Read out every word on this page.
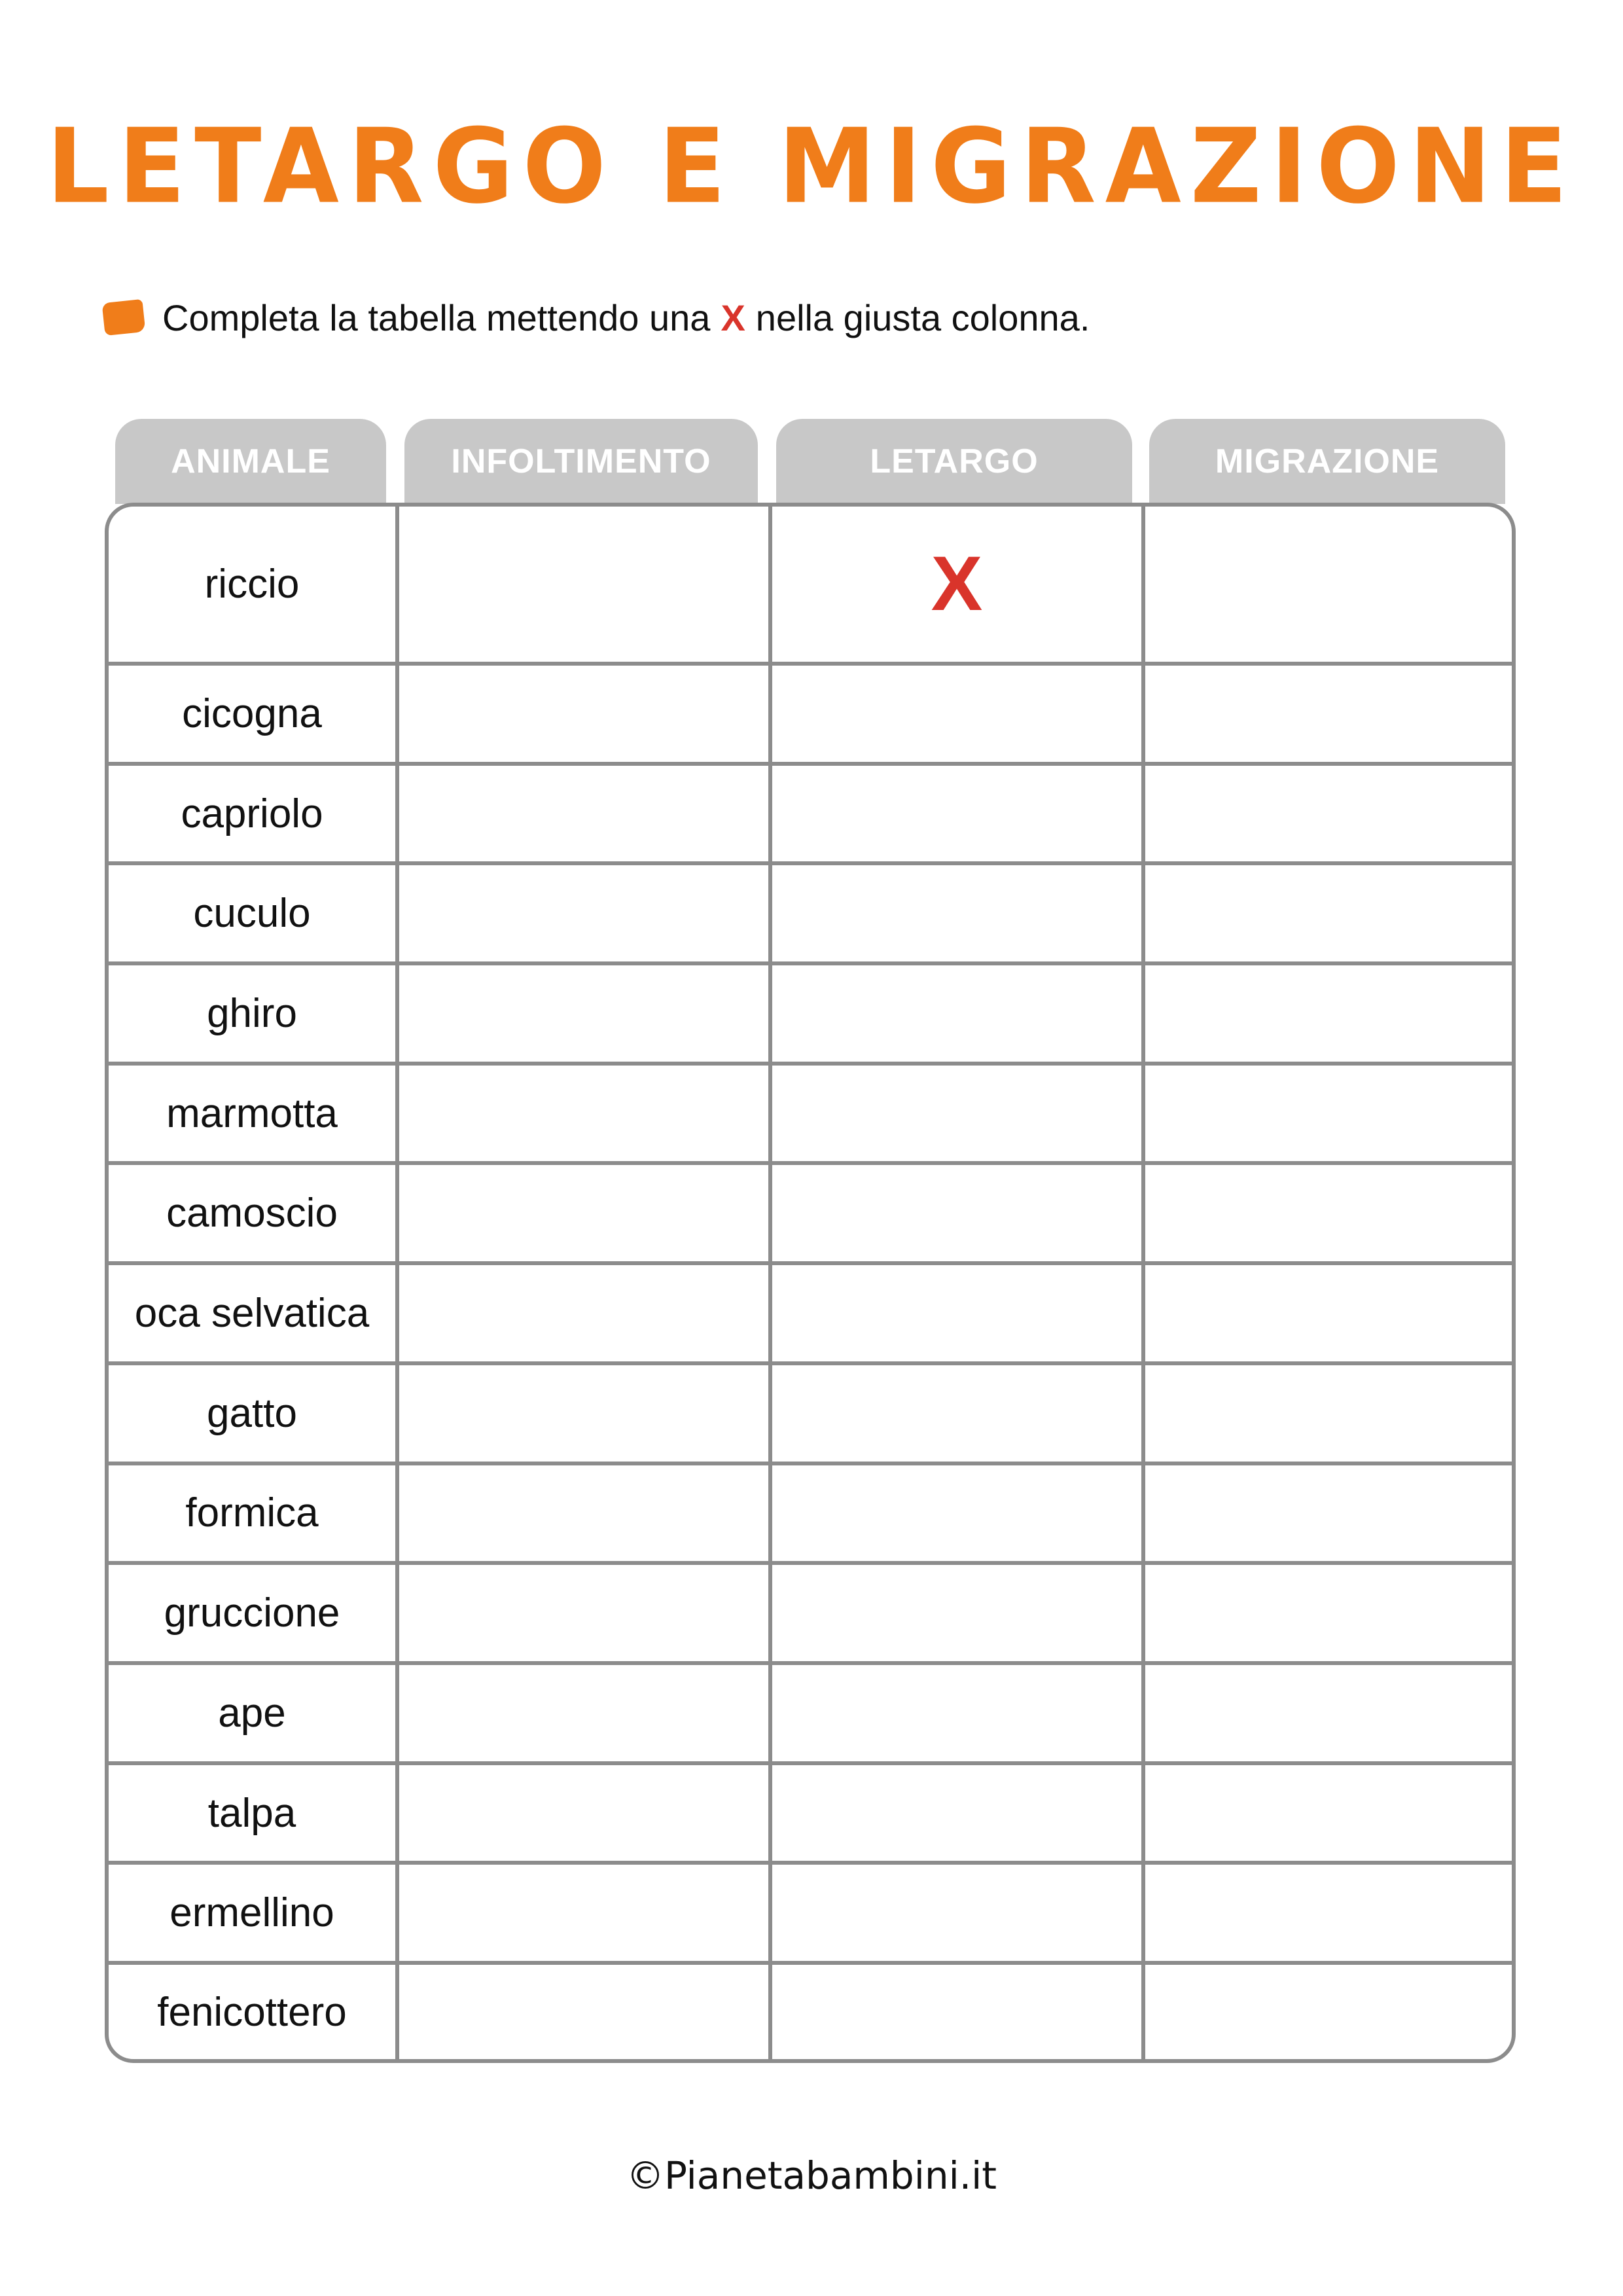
LETARGO E MIGRAZIONE
Completa la tabella mettendo una X nella giusta colonna.
ANIMALE	INFOLTIMENTO	LETARGO	MIGRAZIONE
riccio		X	
cicogna			
capriolo			
cuculo			
ghiro			
marmotta			
camoscio			
oca selvatica			
gatto			
formica			
gruccione			
ape			
talpa			
ermellino			
fenicottero			
©Pianetabambini.it
